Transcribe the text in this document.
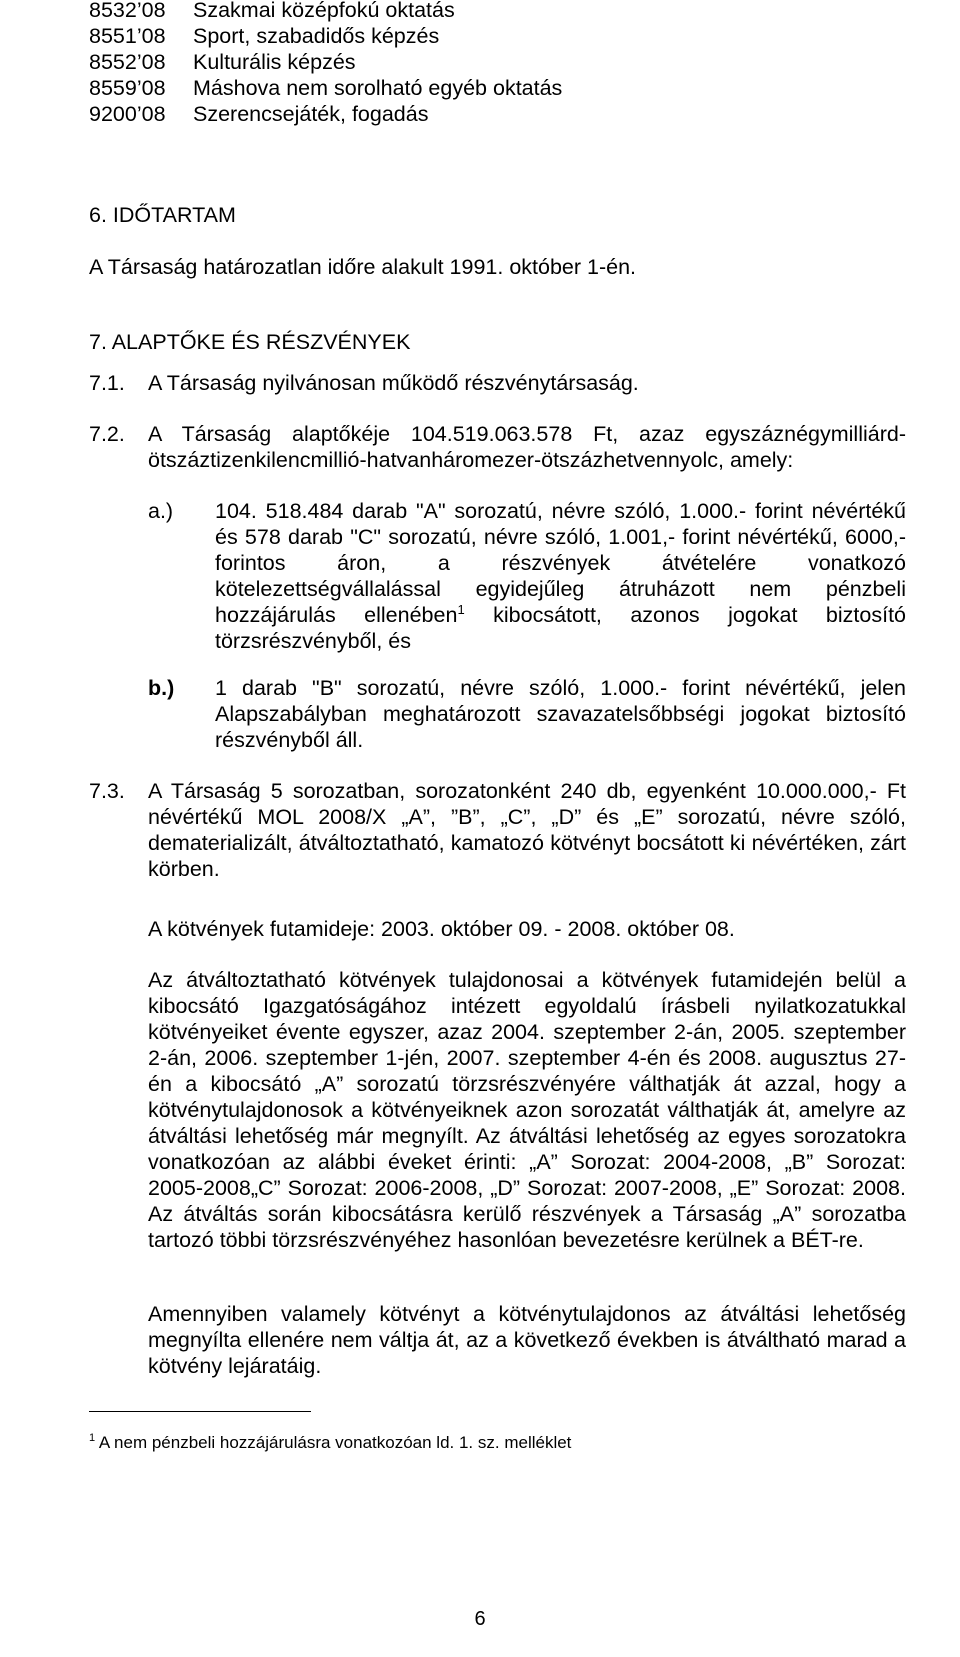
8532’08 Szakmai középfokú oktatás
8551’08 Sport, szabadidős képzés
8552’08 Kulturális képzés
8559’08 Máshova nem sorolható egyéb oktatás
9200’08 Szerencsejáték, fogadás
6. IDŐTARTAM
A Társaság határozatlan időre alakult 1991. október 1-én.
7. ALAPTŐKE ÉS RÉSZVÉNYEK
7.1. A Társaság nyilvánosan működő részvénytársaság.
7.2. A Társaság alaptőkéje 104.519.063.578 Ft, azaz egyszáznégymilliárd- ötszáztizenkilencmillió-hatvanháromezer-ötszázhetvennyolc, amely:
a.) 104. 518.484 darab "A" sorozatú, névre szóló, 1.000.- forint névértékű és 578 darab "C" sorozatú, névre szóló, 1.001,- forint névértékű, 6000,- forintos áron, a részvények átvételére vonatkozó kötelezettségvállalással egyidejűleg átruházott nem pénzbeli hozzájárulás ellenében$^1$ kibocsátott, azonos jogokat biztosító törzsrészvényből, és
b.) 1 darab "B" sorozatú, névre szóló, 1.000.- forint névértékű, jelen Alapszabályban meghatározott szavazatelsőbbségi jogokat biztosító részvényből áll.
7.3. A Társaság 5 sorozatban, sorozatonként 240 db, egyenként 10.000.000,- Ft névértékű MOL 2008/X „A”, ”B”, „C”, „D” és „E” sorozatú, névre szóló, dematerializált, átváltoztatható, kamatozó kötvényt bocsátott ki névértéken, zárt körben.
A kötvények futamideje: 2003. október 09. - 2008. október 08.
Az átváltoztatható kötvények tulajdonosai a kötvények futamidején belül a kibocsátó Igazgatóságához intézett egyoldalú írásbeli nyilatkozatukkal kötvényeiket évente egyszer, azaz 2004. szeptember 2-án, 2005. szeptember 2-án, 2006. szeptember 1-jén, 2007. szeptember 4-én és 2008. augusztus 27-én a kibocsátó „A” sorozatú törzsrészvényére válthatják át azzal, hogy a kötvénytulajdonosok a kötvényeiknek azon sorozatát válthatják át, amelyre az átváltási lehetőség már megnyílt. Az átváltási lehetőség az egyes sorozatokra vonatkozóan az alábbi éveket érinti: „A” Sorozat: 2004-2008, „B” Sorozat: 2005-2008„C” Sorozat: 2006-2008, „D” Sorozat: 2007-2008, „E” Sorozat: 2008. Az átváltás során kibocsátásra kerülő részvények a Társaság „A” sorozatba tartozó többi törzsrészvényéhez hasonlóan bevezetésre kerülnek a BÉT-re.
Amennyiben valamely kötvényt a kötvénytulajdonos az átváltási lehetőség megnyílta ellenére nem váltja át, az a következő években is átváltható marad a kötvény lejáratáig.
$^1$ A nem pénzbeli hozzájárulásra vonatkozóan ld. 1. sz. melléklet
6
